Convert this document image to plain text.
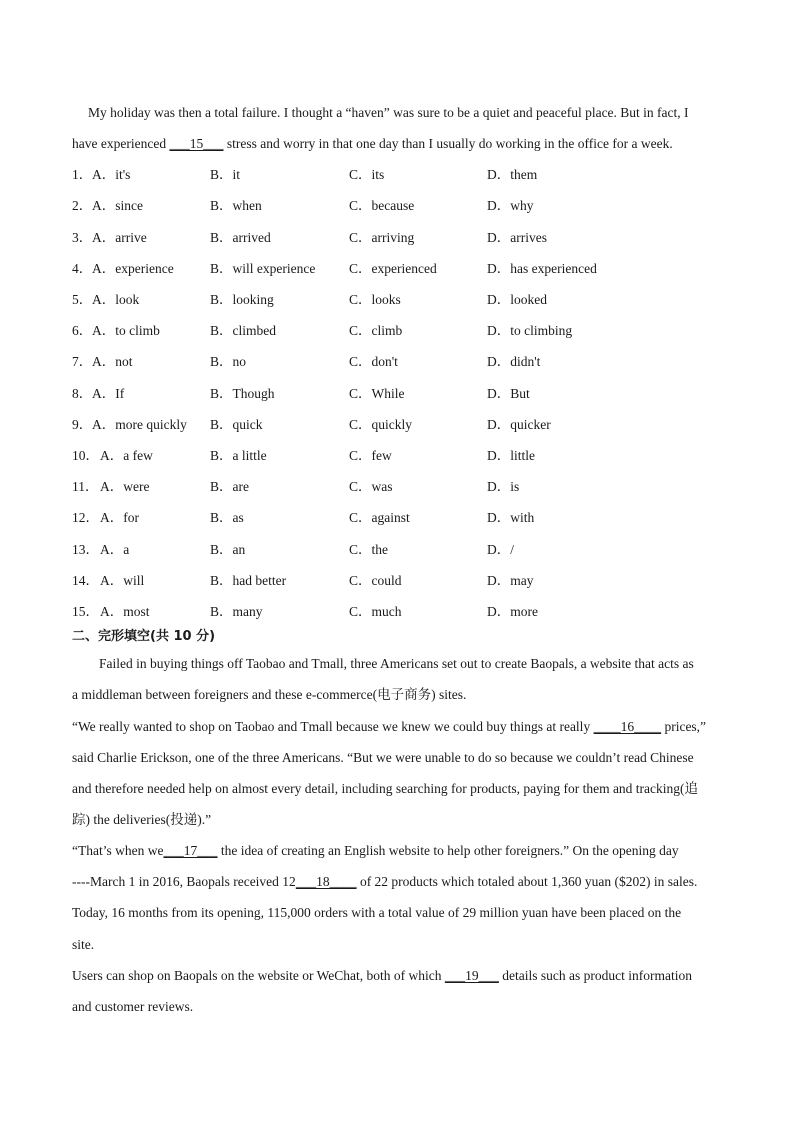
My holiday was then a total failure. I thought a “haven” was sure to be a quiet and peaceful place. But in fact, I
have experienced ___15___ stress and worry in that one day than I usually do working in the office for a week.
1． A．it's	B．it	C．its	D．them
2． A．since	B．when	C．because	D．why
3． A．arrive	B．arrived	C．arriving	D．arrives
4． A．experience	B．will experience C．experienced	D．has experienced
5． A．look	B．looking	C．looks	D．looked
6． A．to climb	B．climbed	C．climb	D．to climbing
7． A．not	B．no	C．don't	D．didn't
8． A．If	B．Though	C．While	D．But
9． A．more quickly B．quick	C．quickly	D．quicker
10． A．a few	B．a little	C．few	D．little
11． A．were	B．are	C．was	D．is
12． A．for	B．as	C．against	D．with
13． A．a	B．an	C．the	D．/
14． A．will	B．had better	C．could	D．may
15． A．most	B．many	C．much	D．more
二、完形填空(共 10 分)
Failed in buying things off Taobao and Tmall, three Americans set out to create Baopals, a website that acts as
a middleman between foreigners and these e-commerce(电子商务) sites.
“We really wanted to shop on Taobao and Tmall because we knew we could buy things at really ____16____ prices,”
said Charlie Erickson, one of the three Americans. “But we were unable to do so because we couldn’t read Chinese
and therefore needed help on almost every detail, including searching for products, paying for them and tracking(追
踪) the deliveries(投递).”
“That’s when we___17___ the idea of creating an English website to help other foreigners.” On the opening day
----March 1 in 2016, Baopals received 12___18____ of 22 products which totaled about 1,360 yuan ($202) in sales.
Today, 16 months from its opening, 115,000 orders with a total value of 29 million yuan have been placed on the
site.
Users can shop on Baopals on the website or WeChat, both of which ___19___ details such as product information
and customer reviews.
